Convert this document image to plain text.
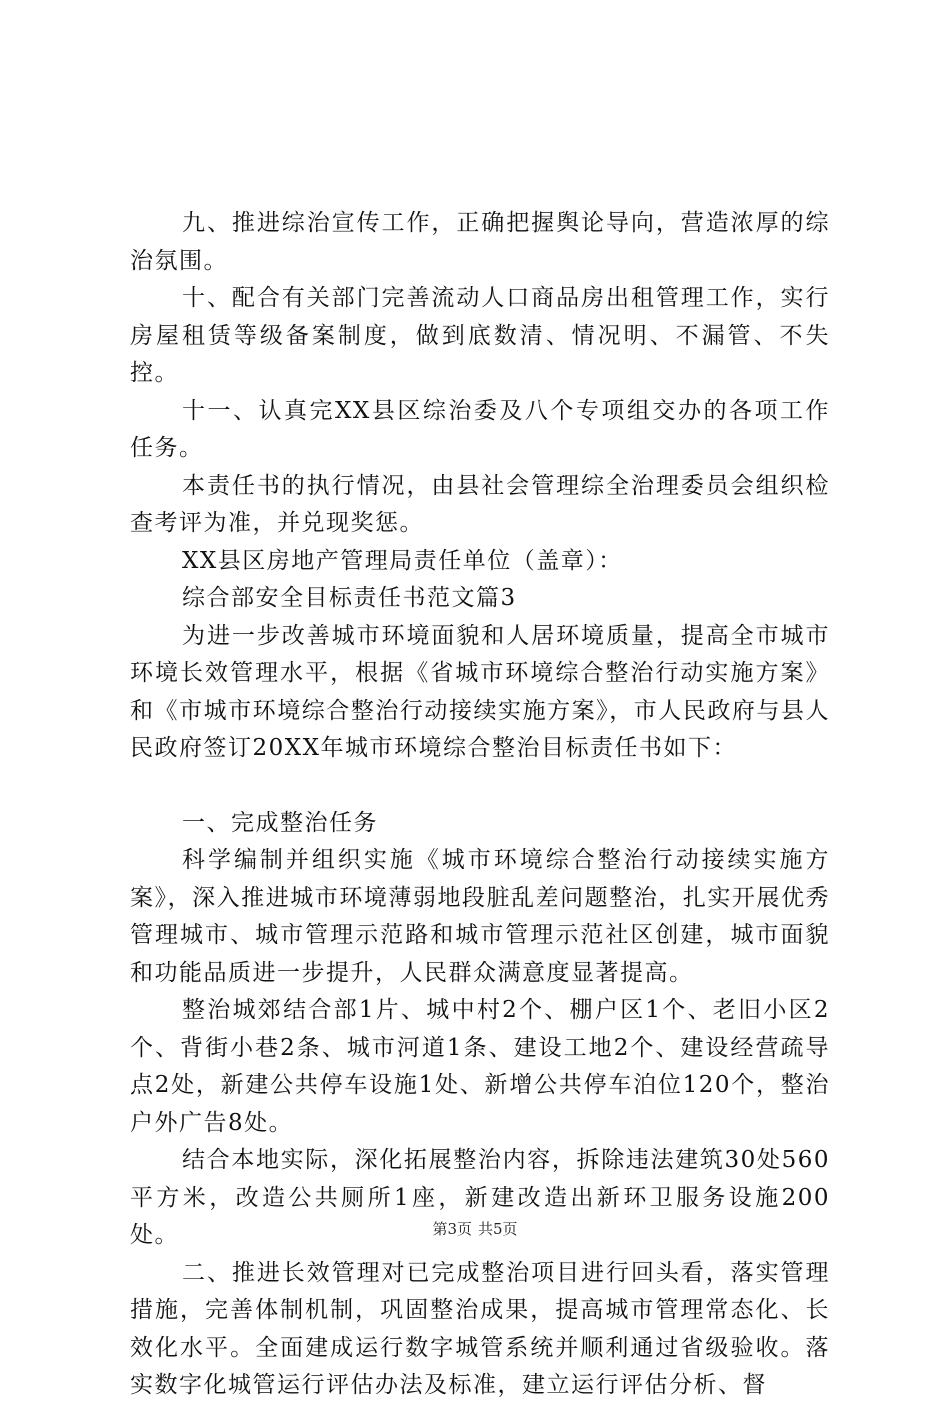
九、推进综治宣传工作，正确把握舆论导向，营造浓厚的综治氛围。

十、配合有关部门完善流动人口商品房出租管理工作，实行房屋租赁等级备案制度，做到底数清、情况明、不漏管、不失控。

十一、认真完XX县区综治委及八个专项组交办的各项工作任务。

本责任书的执行情况，由县社会管理综全治理委员会组织检查考评为准，并兑现奖惩。

XX县区房地产管理局责任单位（盖章）：

综合部安全目标责任书范文篇3

为进一步改善城市环境面貌和人居环境质量，提高全市城市环境长效管理水平，根据《省城市环境综合整治行动实施方案》和《市城市环境综合整治行动接续实施方案》，市人民政府与县人民政府签订20XX年城市环境综合整治目标责任书如下：

一、完成整治任务

科学编制并组织实施《城市环境综合整治行动接续实施方案》，深入推进城市环境薄弱地段脏乱差问题整治，扎实开展优秀管理城市、城市管理示范路和城市管理示范社区创建，城市面貌和功能品质进一步提升，人民群众满意度显著提高。

整治城郊结合部1片、城中村2个、棚户区1个、老旧小区2个、背街小巷2条、城市河道1条、建设工地2个、建设经营疏导点2处，新建公共停车设施1处、新增公共停车泊位120个，整治户外广告8处。

结合本地实际，深化拓展整治内容，拆除违法建筑30处560平方米，改造公共厕所1座，新建改造出新环卫服务设施200处。

二、推进长效管理对已完成整治项目进行回头看，落实管理措施，完善体制机制，巩固整治成果，提高城市管理常态化、长效化水平。全面建成运行数字城管系统并顺利通过省级验收。落实数字化城管运行评估办法及标准，建立运行评估分析、督

第3页 共5页
